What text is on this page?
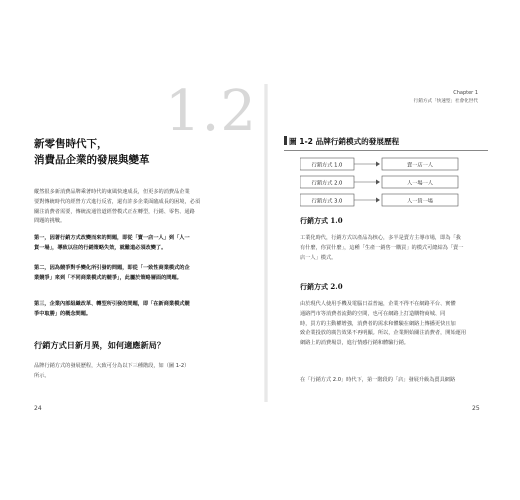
1.2
新零售時代下，
消費品企業的發展與變革

縱然很多新消費品牌乘著時代的東風快速成長，但更多的消費品企業
要對傳統時代的經營方式進行反省，還有許多企業面臨成長的困境，必須
關注消費者需要，傳統流通管道經營模式正在轉型，行銷、零售、通路
問題的挑戰。

第一，因著行銷方式改變而來的問題，即從「賣一店一人」到「人一
貨一場」，導致以往的行銷策略失效，就難道必須改變了。

第二，因為競爭對手變化所引發的問題，即從「一致性商業模式的企
業競爭」來到「不同商業模式的競爭」，此屬於策略層面的問題。

第三，企業內部組織改革、轉型所引發的問題，即「在新商業模式競
爭中取勝」的概念問題。

行銷方式日新月異，如何適應新局？

品牌行銷方式的發展歷程，大致可分為以下三種階段，如（圖 1-2）
所示。

24
Chapter 1
行銷方式「快速型」社會化世代
圖 1-2 品牌行銷模式的發展歷程
行銷方式 1.0	賣一店一人
行銷方式 2.0	人一場一人
行銷方式 3.0	人一貨一場
行銷方式 1.0

工業化時代，行銷方式以產品為核心，多半是賣方主導市場，即為「我
有什麼，你買什麼」，這種「生產一銷售一購買」的模式可總結為「賣一
店一人」模式。

行銷方式 2.0

由於現代人使用手機及電腦日益普遍，企業不得不在網路平台、實體
通路門市等消費者流動的空間，也可在網路上打造購物商城、同
時，買方的主動權增強，消費者的需求和體驗在網路上傳播更快且加
致企業投放的廣告效果不再明顯。所以，企業開始關注消費者，開始運用
網路上的消費場景，進行情感行銷和體驗行銷。

在「行銷方式 2.0」時代下，第一階段的「店」發展升級為賣具網路

25
